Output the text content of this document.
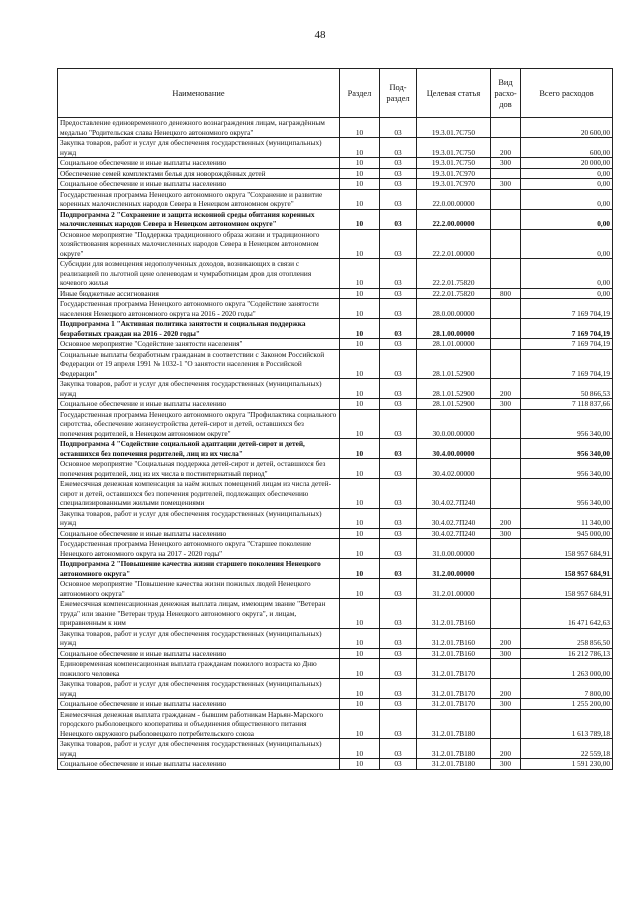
48
Наименование	Раздел	Под-раздел	Целевая статья	Вид расхо-дов	Всего расходов
Предоставление единовременного денежного вознаграждения лицам, награждённым медалью "Родительская слава Ненецкого автономного округа"	10	03	19.3.01.7С750		20 600,00
Закупка товаров, работ и услуг для обеспечения государственных (муниципальных) нужд	10	03	19.3.01.7С750	200	600,00
Социальное обеспечение и иные выплаты населению	10	03	19.3.01.7С750	300	20 000,00
Обеспечение семей комплектами белья для новорождённых детей	10	03	19.3.01.7С970		0,00
Социальное обеспечение и иные выплаты населению	10	03	19.3.01.7С970	300	0,00
Государственная программа Ненецкого автономного округа "Сохранение и развитие коренных малочисленных народов Севера в Ненецком автономном округе"	10	03	22.0.00.00000		0,00
Подпрограмма 2 "Сохранение и защита исконной среды обитания коренных малочисленных народов Севера в Ненецком автономном округе"	10	03	22.2.00.00000		0,00
Основное мероприятие "Поддержка традиционного образа жизни и традиционного хозяйствования коренных малочисленных народов Севера в Ненецком автономном округе"	10	03	22.2.01.00000		0,00
Субсидии для возмещения недополученных доходов, возникающих в связи с реализацией по льготной цене оленеводам и чумработницам дров для отопления кочевого жилья	10	03	22.2.01.75820		0,00
Иные бюджетные ассигнования	10	03	22.2.01.75820	800	0,00
Государственная программа Ненецкого автономного округа "Содействие занятости населения Ненецкого автономного округа на 2016 - 2020 годы"	10	03	28.0.00.00000		7 169 704,19
Подпрограмма 1 "Активная политика занятости и социальная поддержка безработных граждан на 2016 - 2020 годы"	10	03	28.1.00.00000		7 169 704,19
Основное мероприятие "Содействие занятости населения"	10	03	28.1.01.00000		7 169 704,19
Социальные выплаты безработным гражданам в соответствии с Законом Российской Федерации от 19 апреля 1991 № 1032-1 "О занятости населения в Российской Федерации"	10	03	28.1.01.52900		7 169 704,19
Закупка товаров, работ и услуг для обеспечения государственных (муниципальных) нужд	10	03	28.1.01.52900	200	50 866,53
Социальное обеспечение и иные выплаты населению	10	03	28.1.01.52900	300	7 118 837,66
Государственная программа Ненецкого автономного округа "Профилактика социального сиротства, обеспечение жизнеустройства детей-сирот и детей, оставшихся без попечения родителей, в Ненецком автономном округе"	10	03	30.0.00.00000		956 340,00
Подпрограмма 4 "Содействие социальной адаптации детей-сирот и детей, оставшихся без попечения родителей, лиц из их числа"	10	03	30.4.00.00000		956 340,00
Основное мероприятие "Социальная поддержка детей-сирот и детей, оставшихся без попечения родителей, лиц из их числа в постинтернатный период"	10	03	30.4.02.00000		956 340,00
Ежемесячная денежная компенсация за наём жилых помещений лицам из числа детей-сирот и детей, оставшихся без попечения родителей, подлежащих обеспечению специализированными жилыми помещениями	10	03	30.4.02.7П240		956 340,00
Закупка товаров, работ и услуг для обеспечения государственных (муниципальных) нужд	10	03	30.4.02.7П240	200	11 340,00
Социальное обеспечение и иные выплаты населению	10	03	30.4.02.7П240	300	945 000,00
Государственная программа Ненецкого автономного округа "Старшее поколение Ненецкого автономного округа на 2017 - 2020 годы"	10	03	31.0.00.00000		158 957 684,91
Подпрограмма 2 "Повышение качества жизни старшего поколения Ненецкого автономного округа"	10	03	31.2.00.00000		158 957 684,91
Основное мероприятие "Повышение качества жизни пожилых людей Ненецкого автономного округа"	10	03	31.2.01.00000		158 957 684,91
Ежемесячная компенсационная денежная выплата лицам, имеющим звание "Ветеран труда" или звание "Ветеран труда Ненецкого автономного округа", и лицам, приравненным к ним	10	03	31.2.01.7В160		16 471 642,63
Закупка товаров, работ и услуг для обеспечения государственных (муниципальных) нужд	10	03	31.2.01.7В160	200	258 856,50
Социальное обеспечение и иные выплаты населению	10	03	31.2.01.7В160	300	16 212 786,13
Единовременная компенсационная выплата гражданам пожилого возраста ко Дню пожилого человека	10	03	31.2.01.7В170		1 263 000,00
Закупка товаров, работ и услуг для обеспечения государственных (муниципальных) нужд	10	03	31.2.01.7В170	200	7 800,00
Социальное обеспечение и иные выплаты населению	10	03	31.2.01.7В170	300	1 255 200,00
Ежемесячная денежная выплата гражданам - бывшим работникам Нарьян-Марского городского рыболовецкого кооператива и объединения общественного питания Ненецкого окружного рыболовецкого потребительского союза	10	03	31.2.01.7В180		1 613 789,18
Закупка товаров, работ и услуг для обеспечения государственных (муниципальных) нужд	10	03	31.2.01.7В180	200	22 559,18
Социальное обеспечение и иные выплаты населению	10	03	31.2.01.7В180	300	1 591 230,00
